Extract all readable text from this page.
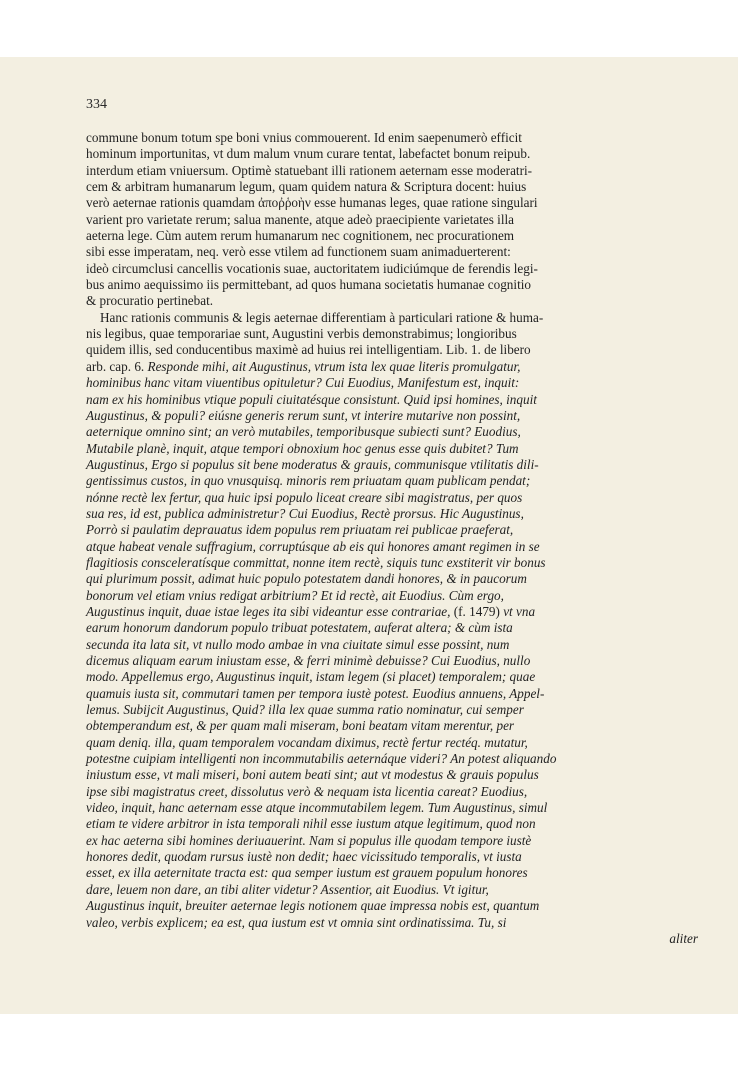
334
commune bonum totum spe boni vnius commouerent. Id enim saepenumerò efficit
hominum importunitas, vt dum malum vnum curare tentat, labefactet bonum reipub.
interdum etiam vniuersum. Optimè statuebant illi rationem aeternam esse moderatri-
cem & arbitram humanarum legum, quam quidem natura & Scriptura docent: huius
verò aeternae rationis quamdam ἀποῤῥοὴν esse humanas leges, quae ratione singulari
varient pro varietate rerum; salua manente, atque adeò praecipiente varietates illa
aeterna lege. Cùm autem rerum humanarum nec cognitionem, nec procurationem
sibi esse imperatam, neq. verò esse vtilem ad functionem suam animaduerterent:
ideò circumclusi cancellis vocationis suae, auctoritatem iudiciúmque de ferendis legi-
bus animo aequissimo iis permittebant, ad quos humana societatis humanae cognitio
& procuratio pertinebat.
Hanc rationis communis & legis aeternae differentiam à particulari ratione & huma-
nis legibus, quae temporariae sunt, Augustini verbis demonstrabimus; longioribus
quidem illis, sed conducentibus maximè ad huius rei intelligentiam. Lib. 1. de libero
arb. cap. 6. Responde mihi, ait Augustinus, vtrum ista lex quae literis promulgatur,
hominibus hanc vitam viuentibus opituletur? Cui Euodius, Manifestum est, inquit:
nam ex his hominibus vtique populi ciuitatésque consistunt. Quid ipsi homines, inquit
Augustinus, & populi? eiúsne generis rerum sunt, vt interire mutarive non possint,
aeternique omnino sint; an verò mutabiles, temporibusque subiecti sunt? Euodius,
Mutabile planè, inquit, atque tempori obnoxium hoc genus esse quis dubitet? Tum
Augustinus, Ergo si populus sit bene moderatus & grauis, communisque vtilitatis dili-
gentissimus custos, in quo vnusquisq. minoris rem priuatam quam publicam pendat;
nónne rectè lex fertur, qua huic ipsi populo liceat creare sibi magistratus, per quos
sua res, id est, publica administretur? Cui Euodius, Rectè prorsus. Hic Augustinus,
Porrò si paulatim deprauatus idem populus rem priuatam rei publicae praeferat,
atque habeat venale suffragium, corruptúsque ab eis qui honores amant regimen in se
flagitiosis consceleratísque committat, nonne item rectè, siquis tunc exstiterit vir bonus
qui plurimum possit, adimat huic populo potestatem dandi honores, & in paucorum
bonorum vel etiam vnius redigat arbitrium? Et id rectè, ait Euodius. Cùm ergo,
Augustinus inquit, duae istae leges ita sibi videantur esse contrariae, (f. 1479) vt vna
earum honorum dandorum populo tribuat potestatem, auferat altera; & cùm ista
secunda ita lata sit, vt nullo modo ambae in vna ciuitate simul esse possint, num
dicemus aliquam earum iniustam esse, & ferri minimè debuisse? Cui Euodius, nullo
modo. Appellemus ergo, Augustinus inquit, istam legem (si placet) temporalem; quae
quamuis iusta sit, commutari tamen per tempora iustè potest. Euodius annuens, Appel-
lemus. Subijcit Augustinus, Quid? illa lex quae summa ratio nominatur, cui semper
obtemperandum est, & per quam mali miseram, boni beatam vitam merentur, per
quam deniq. illa, quam temporalem vocandam diximus, rectè fertur rectéq. mutatur,
potestne cuipiam intelligenti non incommutabilis aeternáque videri? An potest aliquando
iniustum esse, vt mali miseri, boni autem beati sint; aut vt modestus & grauis populus
ipse sibi magistratus creet, dissolutus verò & nequam ista licentia careat? Euodius,
video, inquit, hanc aeternam esse atque incommutabilem legem. Tum Augustinus, simul
etiam te videre arbitror in ista temporali nihil esse iustum atque legitimum, quod non
ex hac aeterna sibi homines deriuauerint. Nam si populus ille quodam tempore iustè
honores dedit, quodam rursus iustè non dedit; haec vicissitudo temporalis, vt iusta
esset, ex illa aeternitate tracta est: qua semper iustum est grauem populum honores
dare, leuem non dare, an tibi aliter videtur? Assentior, ait Euodius. Vt igitur,
Augustinus inquit, breuiter aeternae legis notionem quae impressa nobis est, quantum
valeo, verbis explicem; ea est, qua iustum est vt omnia sint ordinatissima. Tu, si
aliter
